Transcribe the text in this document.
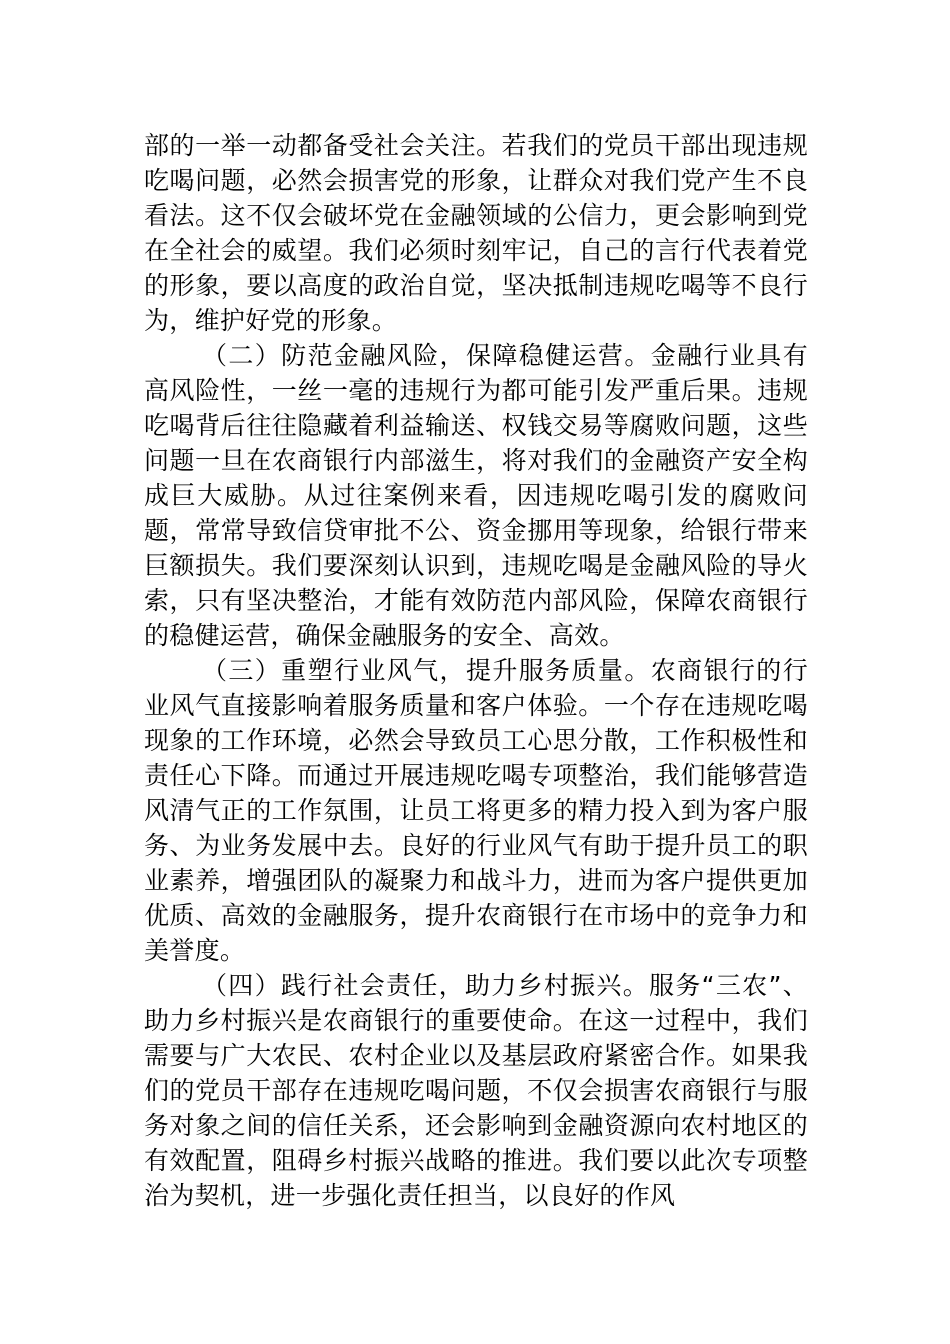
部的一举一动都备受社会关注。若我们的党员干部出现违规吃喝问题，必然会损害党的形象，让群众对我们党产生不良看法。这不仅会破坏党在金融领域的公信力，更会影响到党在全社会的威望。我们必须时刻牢记，自己的言行代表着党的形象，要以高度的政治自觉，坚决抵制违规吃喝等不良行为，维护好党的形象。

（二）防范金融风险，保障稳健运营。金融行业具有高风险性，一丝一毫的违规行为都可能引发严重后果。违规吃喝背后往往隐藏着利益输送、权钱交易等腐败问题，这些问题一旦在农商银行内部滋生，将对我们的金融资产安全构成巨大威胁。从过往案例来看，因违规吃喝引发的腐败问题，常常导致信贷审批不公、资金挪用等现象，给银行带来巨额损失。我们要深刻认识到，违规吃喝是金融风险的导火索，只有坚决整治，才能有效防范内部风险，保障农商银行的稳健运营，确保金融服务的安全、高效。

（三）重塑行业风气，提升服务质量。农商银行的行业风气直接影响着服务质量和客户体验。一个存在违规吃喝现象的工作环境，必然会导致员工心思分散，工作积极性和责任心下降。而通过开展违规吃喝专项整治，我们能够营造风清气正的工作氛围，让员工将更多的精力投入到为客户服务、为业务发展中去。良好的行业风气有助于提升员工的职业素养，增强团队的凝聚力和战斗力，进而为客户提供更加优质、高效的金融服务，提升农商银行在市场中的竞争力和美誉度。

（四）践行社会责任，助力乡村振兴。服务“三农”、助力乡村振兴是农商银行的重要使命。在这一过程中，我们需要与广大农民、农村企业以及基层政府紧密合作。如果我们的党员干部存在违规吃喝问题，不仅会损害农商银行与服务对象之间的信任关系，还会影响到金融资源向农村地区的有效配置，阻碍乡村振兴战略的推进。我们要以此次专项整治为契机，进一步强化责任担当，以良好的作风
